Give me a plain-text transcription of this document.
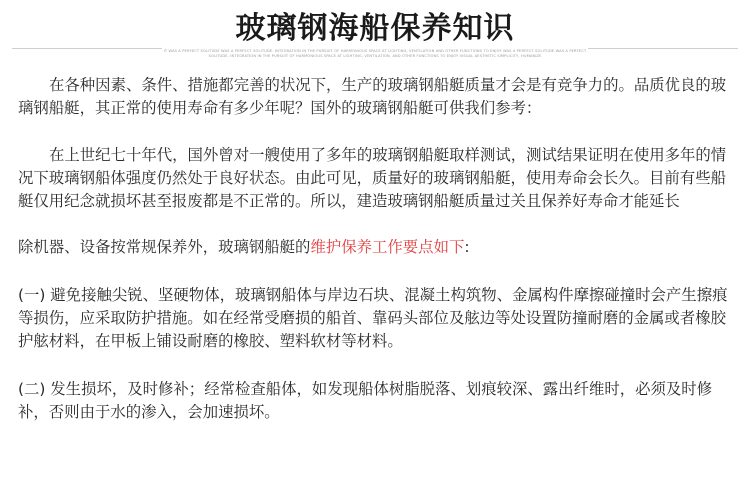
玻璃钢海船保养知识
IT WAS A PERFECT SOLITUDE WAS A PERFECT SOLITUDE. INTEGRATION IN THE PURSUIT OF HARMONIOUS SPACE AT LIGHTING, VENTILATION AND OTHER FUNCTIONS TO ENJOY WAS A PERFECT SOLITUDE WAS A PERFECT SOLITUDE. INTEGRATION IN THE PURSUIT OF HARMONIOUS SPACE AT LIGHTING, VENTILATION, AND OTHER FUNCTIONS TO ENJOY VISUAL AESTHETIC SIMPLICITY, HUMANIZE

在各种因素、条件、措施都完善的状况下，生产的玻璃钢船艇质量才会是有竞争力的。品质优良的玻璃钢船艇，其正常的使用寿命有多少年呢？国外的玻璃钢船艇可供我们参考：

在上世纪七十年代，国外曾对一艘使用了多年的玻璃钢船艇取样测试，测试结果证明在使用多年的情况下玻璃钢船体强度仍然处于良好状态。由此可见，质量好的玻璃钢船艇，使用寿命会长久。目前有些船艇仅用纪念就损坏甚至报废都是不正常的。所以，建造玻璃钢船艇质量过关且保养好寿命才能延长

除机器、设备按常规保养外，玻璃钢船艇的维护保养工作要点如下:

(一) 避免接触尖锐、坚硬物体，玻璃钢船体与岸边石块、混凝土构筑物、金属构件摩擦碰撞时会产生擦痕等损伤，应采取防护措施。如在经常受磨损的船首、靠码头部位及舷边等处设置防撞耐磨的金属或者橡胶护舷材料，在甲板上铺设耐磨的橡胶、塑料软材等材料。

(二) 发生损坏，及时修补；经常检查船体，如发现船体树脂脱落、划痕较深、露出纤维时，必须及时修补，否则由于水的渗入，会加速损坏。
